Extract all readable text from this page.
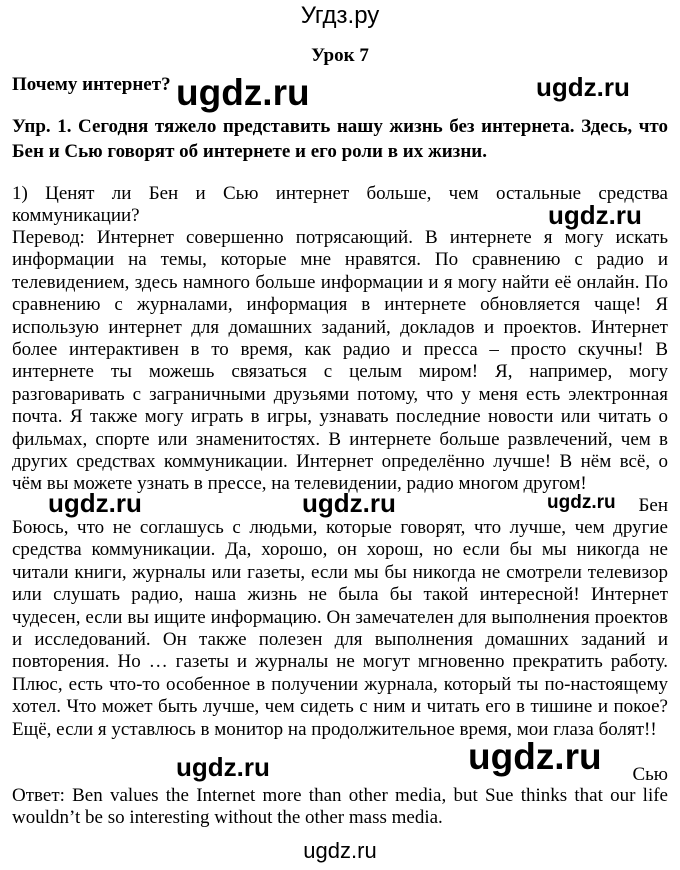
Угдз.ру
Урок 7
Почему интернет?
Упр. 1. Сегодня тяжело представить нашу жизнь без интернета. Здесь, что Бен и Сью говорят об интернете и его роли в их жизни.
1) Ценят ли Бен и Сью интернет больше, чем остальные средства коммуникации?
Перевод: Интернет совершенно потрясающий. В интернете я могу искать информации на темы, которые мне нравятся. По сравнению с радио и телевидением, здесь намного больше информации и я могу найти её онлайн. По сравнению с журналами, информация в интернете обновляется чаще! Я использую интернет для домашних заданий, докладов и проектов. Интернет более интерактивен в то время, как радио и пресса – просто скучны! В интернете ты можешь связаться с целым миром! Я, например, могу разговаривать с заграничными друзьями потому, что у меня есть электронная почта. Я также могу играть в игры, узнавать последние новости или читать о фильмах, спорте или знаменитостях. В интернете больше развлечений, чем в других средствах коммуникации. Интернет определённо лучше! В нём всё, о чём вы можете узнать в прессе, на телевидении, радио многом другом!
Бен
Боюсь, что не соглашусь с людьми, которые говорят, что лучше, чем другие средства коммуникации. Да, хорошо, он хорош, но если бы мы никогда не читали книги, журналы или газеты, если мы бы никогда не смотрели телевизор или слушать радио, наша жизнь не была бы такой интересной! Интернет чудесен, если вы ищите информацию. Он замечателен для выполнения проектов и исследований. Он также полезен для выполнения домашних заданий и повторения. Но … газеты и журналы не могут мгновенно прекратить работу. Плюс, есть что-то особенное в получении журнала, который ты по-настоящему хотел. Что может быть лучше, чем сидеть с ним и читать его в тишине и покое? Ещё, если я уставлюсь в монитор на продолжительное время, мои глаза болят!!
Сью
Ответ: Ben values the Internet more than other media, but Sue thinks that our life wouldn’t be so interesting without the other mass media.
ugdz.ru	ugdz.ru
ugdz.ru
ugdz.ru	ugdz.ru	ugdz.ru
ugdz.ru
ugdz.ru
ugdz.ru
